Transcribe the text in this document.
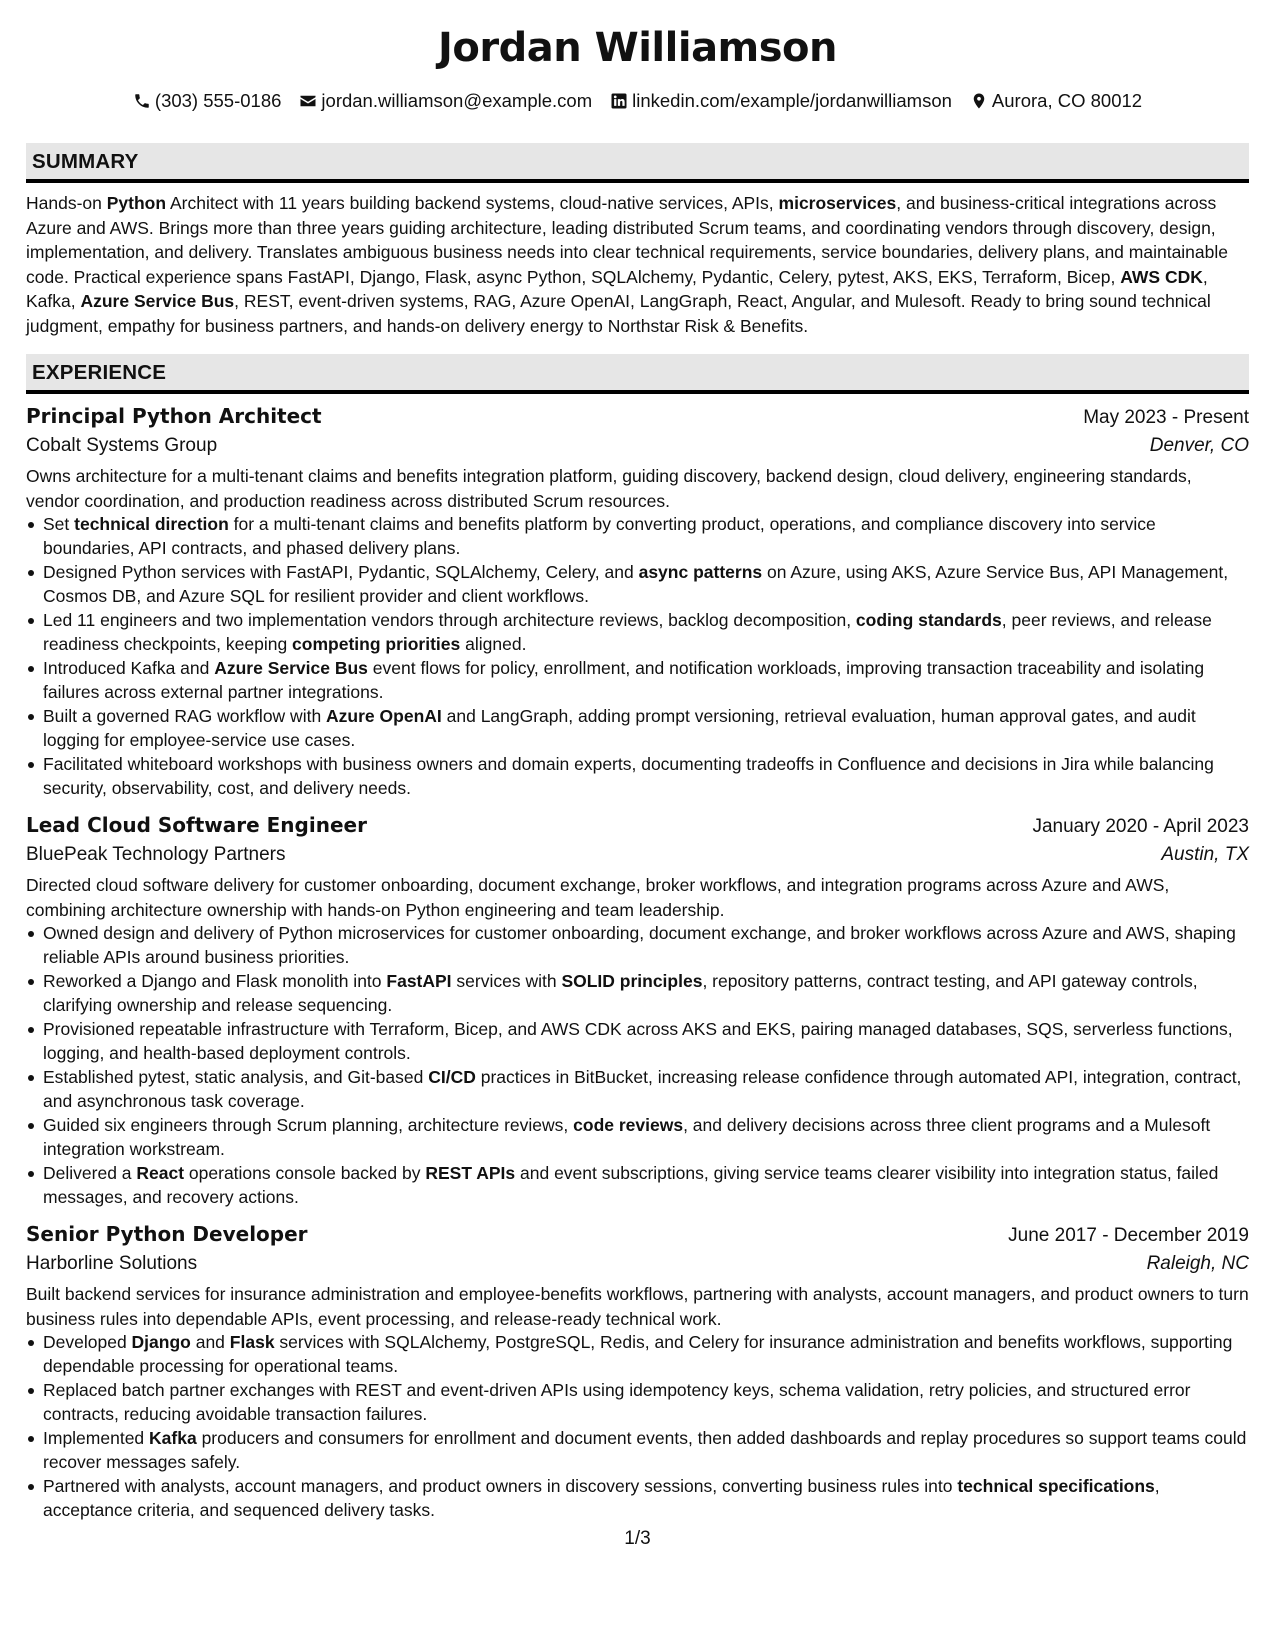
Jordan Williamson
(303) 555-0186 jordan.williamson@example.com linkedin.com/example/jordanwilliamson Aurora, CO 80012
SUMMARY

Hands-on Python Architect with 11 years building backend systems, cloud-native services, APIs, microservices, and business-critical integrations across Azure and AWS. Brings more than three years guiding architecture, leading distributed Scrum teams, and coordinating vendors through discovery, design, implementation, and delivery. Translates ambiguous business needs into clear technical requirements, service boundaries, delivery plans, and maintainable code. Practical experience spans FastAPI, Django, Flask, async Python, SQLAlchemy, Pydantic, Celery, pytest, AKS, EKS, Terraform, Bicep, AWS CDK, Kafka, Azure Service Bus, REST, event-driven systems, RAG, Azure OpenAI, LangGraph, React, Angular, and Mulesoft. Ready to bring sound technical judgment, empathy for business partners, and hands-on delivery energy to Northstar Risk & Benefits.

EXPERIENCE
Principal Python Architect	May 2023 - Present
Cobalt Systems Group	Denver, CO

Owns architecture for a multi-tenant claims and benefits integration platform, guiding discovery, backend design, cloud delivery, engineering standards, vendor coordination, and production readiness across distributed Scrum resources.

Set technical direction for a multi-tenant claims and benefits platform by converting product, operations, and compliance discovery into service boundaries, API contracts, and phased delivery plans.
Designed Python services with FastAPI, Pydantic, SQLAlchemy, Celery, and async patterns on Azure, using AKS, Azure Service Bus, API Management, Cosmos DB, and Azure SQL for resilient provider and client workflows.
Led 11 engineers and two implementation vendors through architecture reviews, backlog decomposition, coding standards, peer reviews, and release readiness checkpoints, keeping competing priorities aligned.
Introduced Kafka and Azure Service Bus event flows for policy, enrollment, and notification workloads, improving transaction traceability and isolating failures across external partner integrations.
Built a governed RAG workflow with Azure OpenAI and LangGraph, adding prompt versioning, retrieval evaluation, human approval gates, and audit logging for employee-service use cases.
Facilitated whiteboard workshops with business owners and domain experts, documenting tradeoffs in Confluence and decisions in Jira while balancing security, observability, cost, and delivery needs.
Lead Cloud Software Engineer	January 2020 - April 2023
BluePeak Technology Partners	Austin, TX

Directed cloud software delivery for customer onboarding, document exchange, broker workflows, and integration programs across Azure and AWS, combining architecture ownership with hands-on Python engineering and team leadership.

Owned design and delivery of Python microservices for customer onboarding, document exchange, and broker workflows across Azure and AWS, shaping reliable APIs around business priorities.
Reworked a Django and Flask monolith into FastAPI services with SOLID principles, repository patterns, contract testing, and API gateway controls, clarifying ownership and release sequencing.
Provisioned repeatable infrastructure with Terraform, Bicep, and AWS CDK across AKS and EKS, pairing managed databases, SQS, serverless functions, logging, and health-based deployment controls.
Established pytest, static analysis, and Git-based CI/CD practices in BitBucket, increasing release confidence through automated API, integration, contract, and asynchronous task coverage.
Guided six engineers through Scrum planning, architecture reviews, code reviews, and delivery decisions across three client programs and a Mulesoft integration workstream.
Delivered a React operations console backed by REST APIs and event subscriptions, giving service teams clearer visibility into integration status, failed messages, and recovery actions.
Senior Python Developer	June 2017 - December 2019
Harborline Solutions	Raleigh, NC

Built backend services for insurance administration and employee-benefits workflows, partnering with analysts, account managers, and product owners to turn business rules into dependable APIs, event processing, and release-ready technical work.

Developed Django and Flask services with SQLAlchemy, PostgreSQL, Redis, and Celery for insurance administration and benefits workflows, supporting dependable processing for operational teams.
Replaced batch partner exchanges with REST and event-driven APIs using idempotency keys, schema validation, retry policies, and structured error contracts, reducing avoidable transaction failures.
Implemented Kafka producers and consumers for enrollment and document events, then added dashboards and replay procedures so support teams could recover messages safely.
Partnered with analysts, account managers, and product owners in discovery sessions, converting business rules into technical specifications, acceptance criteria, and sequenced delivery tasks.
1/3
